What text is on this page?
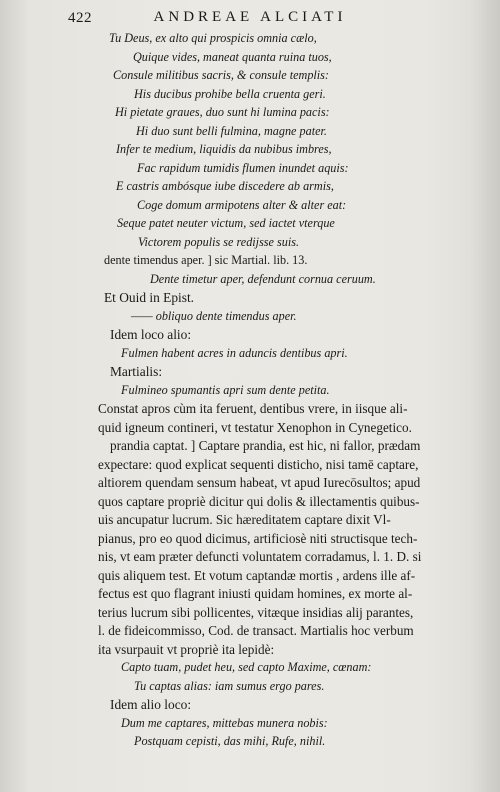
422	ANDREAE ALCIATI
Tu Deus, ex alto qui prospicis omnia cælo,
Quique vides, maneat quanta ruina tuos,
Consule militibus sacris, & consule templis:
His ducibus prohibe bella cruenta geri.
Hi pietate graues, duo sunt hi lumina pacis:
Hi duo sunt belli fulmina, magne pater.
Infer te medium, liquidis da nubibus imbres,
Fac rapidum tumidis flumen inundet aquis:
E castris ambósque iube discedere ab armis,
Coge domum armipotens alter & alter eat:
Seque patet neuter victum, sed iactet vterque
Victorem populis se redijsse suis.
dente timendus aper. ] sic Martial. lib. 13.
Dente timetur aper, defendunt cornua ceruum.
Et Ouid in Epist.
—— obliquo dente timendus aper.
Idem loco alio:
Fulmen habent acres in aduncis dentibus apri.
Martialis:
Fulmineo spumantis apri sum dente petita.
Constat apros cùm ita feruent, dentibus vrere, in iisque ali-
quid igneum contineri, vt testatur Xenophon in Cynegetico.
prandia captat. ] Captare prandia, est hic, ni fallor, prædam
expectare: quod explicat sequenti disticho, nisi tamē captare,
altiorem quendam sensum habeat, vt apud Iurecōsultos; apud
quos captare propriè dicitur qui dolis & illectamentis quibus-
uis ancupatur lucrum. Sic hæreditatem captare dixit Vl-
pianus, pro eo quod dicimus, artificiosè niti structisque tech-
nis, vt eam præter defuncti voluntatem corradamus, l. 1. D. si
quis aliquem test. Et votum captandæ mortis , ardens ille af-
fectus est quo flagrant iniusti quidam homines, ex morte al-
terius lucrum sibi pollicentes, vitæque insidias alij parantes,
l. de fideicommisso, Cod. de transact. Martialis hoc verbum
ita vsurpauit vt propriè ita lepidè:
Capto tuam, pudet heu, sed capto Maxime, cœnam:
Tu captas alias: iam sumus ergo pares.
Idem alio loco:
Dum me captares, mittebas munera nobis:
Postquam cepisti, das mihi, Rufe, nihil.
